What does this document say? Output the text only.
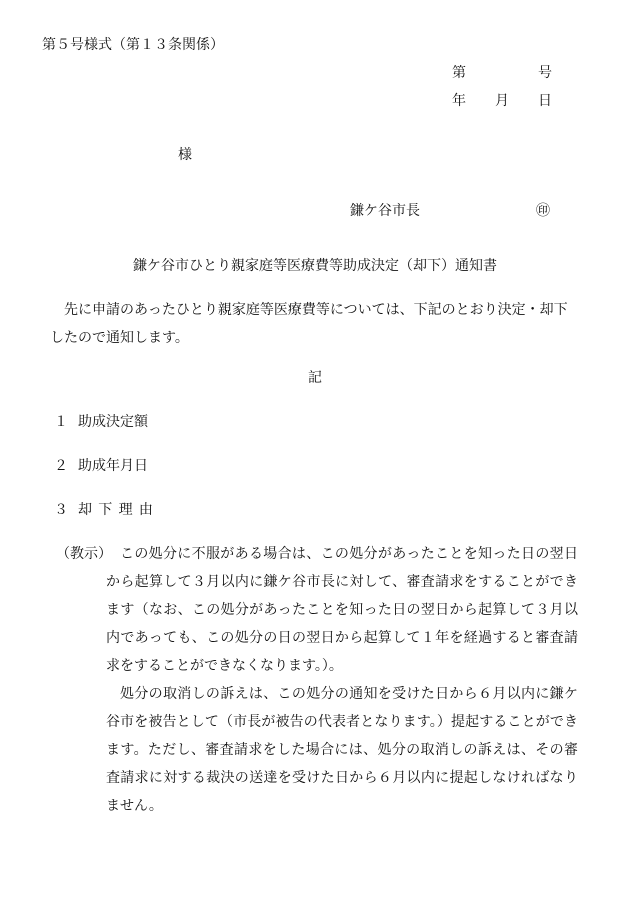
第５号様式（第１３条関係）
第	号
年 月 日
様
鎌ケ谷市長	㊞
鎌ケ谷市ひとり親家庭等医療費等助成決定（却下）通知書

先に申請のあったひとり親家庭等医療費等については、下記のとおり決定・却下したので通知します。

記
１ 助成決定額
２ 助成年月日
３ 却下理由
（教示） この処分に不服がある場合は、この処分があったことを知った日の翌日から起算して３月以内に鎌ケ谷市長に対して、審査請求をすることができます（なお、この処分があったことを知った日の翌日から起算して３月以内であっても、この処分の日の翌日から起算して１年を経過すると審査請求をすることができなくなります。）。

処分の取消しの訴えは、この処分の通知を受けた日から６月以内に鎌ケ谷市を被告として（市長が被告の代表者となります。）提起することができます。ただし、審査請求をした場合には、処分の取消しの訴えは、その審査請求に対する裁決の送達を受けた日から６月以内に提起しなければなりません。
